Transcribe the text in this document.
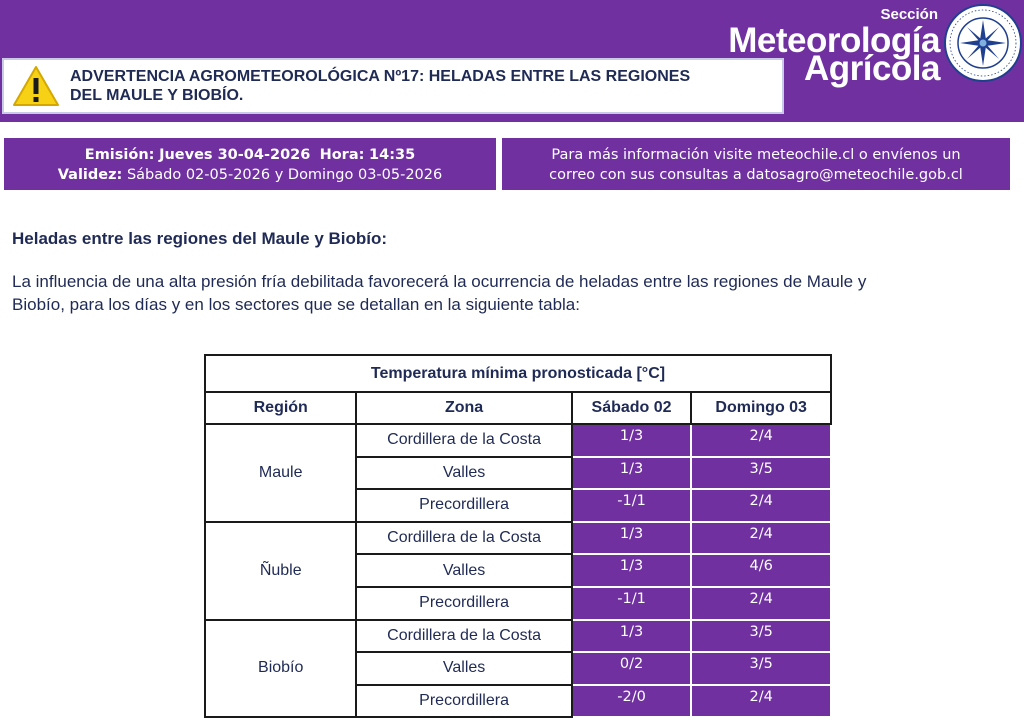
ADVERTENCIA AGROMETEOROLÓGICA Nº17: HELADAS ENTRE LAS REGIONES
DEL MAULE Y BIOBÍO.
Sección
Meteorología
Agrícola
Emisión: Jueves 30-04-2026 Hora: 14:35
Validez: Sábado 02-05-2026 y Domingo 03-05-2026
Para más información visite meteochile.cl o envíenos un
correo con sus consultas a datosagro@meteochile.gob.cl
Heladas entre las regiones del Maule y Biobío:
La influencia de una alta presión fría debilitada favorecerá la ocurrencia de heladas entre las regiones de Maule y
Biobío, para los días y en los sectores que se detallan en la siguiente tabla:
Temperatura mínima pronosticada [°C]			
Región	Zona	Sábado 02	Domingo 03
Maule	Cordillera de la Costa	1/3	2/4
	Valles	1/3	3/5
	Precordillera	-1/1	2/4
Ñuble	Cordillera de la Costa	1/3	2/4
	Valles	1/3	4/6
	Precordillera	-1/1	2/4
Biobío	Cordillera de la Costa	1/3	3/5
	Valles	0/2	3/5
	Precordillera	-2/0	2/4
